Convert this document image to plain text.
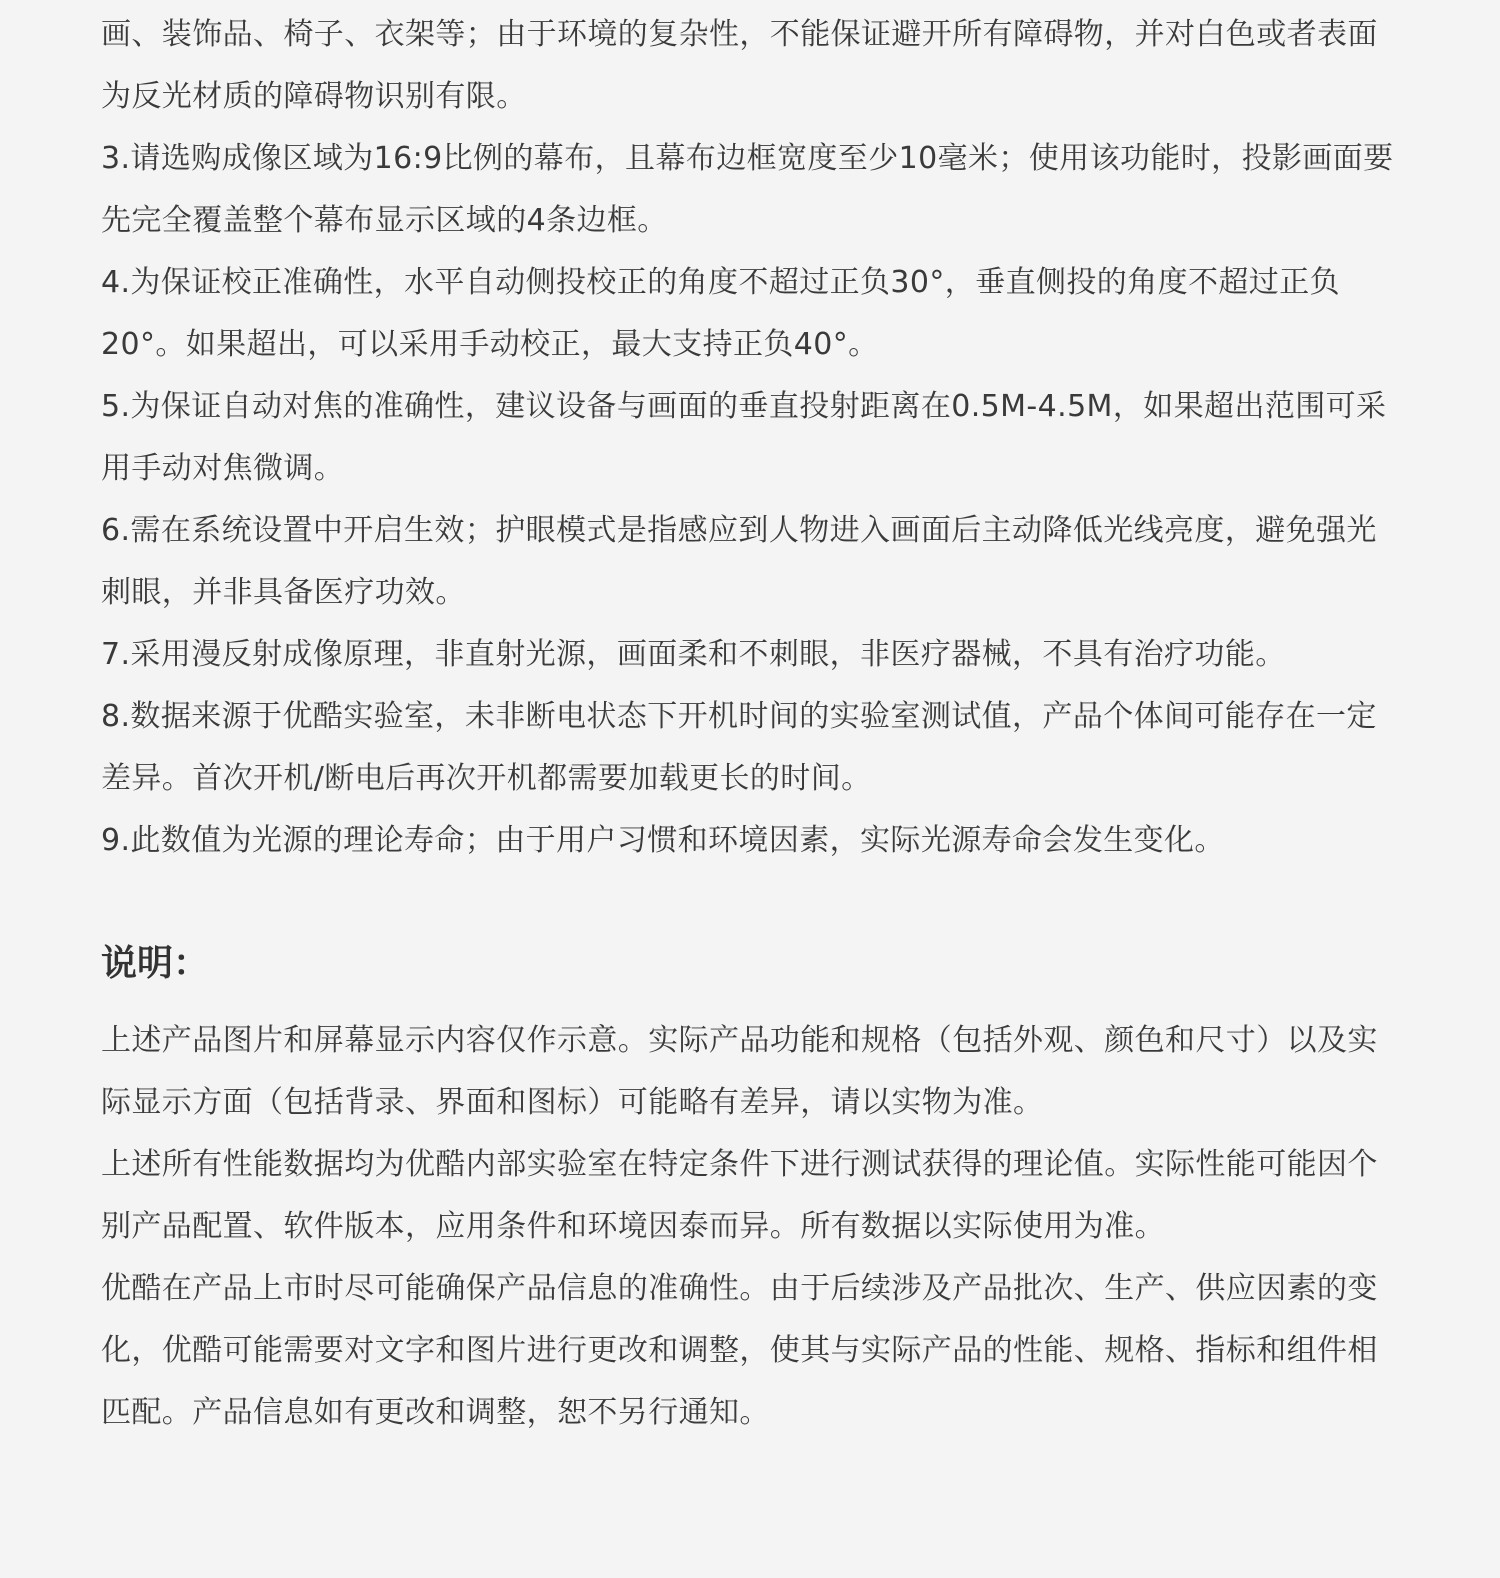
画、装饰品、椅子、衣架等；由于环境的复杂性，不能保证避开所有障碍物，并对白色或者表面为反光材质的障碍物识别有限。

3.请选购成像区域为16:9比例的幕布，且幕布边框宽度至少10毫米；使用该功能时，投影画面要先完全覆盖整个幕布显示区域的4条边框。

4.为保证校正准确性，水平自动侧投校正的角度不超过正负30°，垂直侧投的角度不超过正负20°。如果超出，可以采用手动校正，最大支持正负40°。

5.为保证自动对焦的准确性，建议设备与画面的垂直投射距离在0.5M-4.5M，如果超出范围可采用手动对焦微调。

6.需在系统设置中开启生效；护眼模式是指感应到人物进入画面后主动降低光线亮度，避免强光刺眼，并非具备医疗功效。

7.采用漫反射成像原理，非直射光源，画面柔和不刺眼，非医疗器械，不具有治疗功能。

8.数据来源于优酷实验室，未非断电状态下开机时间的实验室测试值，产品个体间可能存在一定差异。首次开机/断电后再次开机都需要加载更长的时间。

9.此数值为光源的理论寿命；由于用户习惯和环境因素，实际光源寿命会发生变化。

说明：

上述产品图片和屏幕显示内容仅作示意。实际产品功能和规格（包括外观、颜色和尺寸）以及实际显示方面（包括背录、界面和图标）可能略有差异，请以实物为准。

上述所有性能数据均为优酷内部实验室在特定条件下进行测试获得的理论值。实际性能可能因个别产品配置、软件版本，应用条件和环境因泰而异。所有数据以实际使用为准。

优酷在产品上市时尽可能确保产品信息的准确性。由于后续涉及产品批次、生产、供应因素的变化，优酷可能需要对文字和图片进行更改和调整，使其与实际产品的性能、规格、指标和组件相匹配。产品信息如有更改和调整，恕不另行通知。
